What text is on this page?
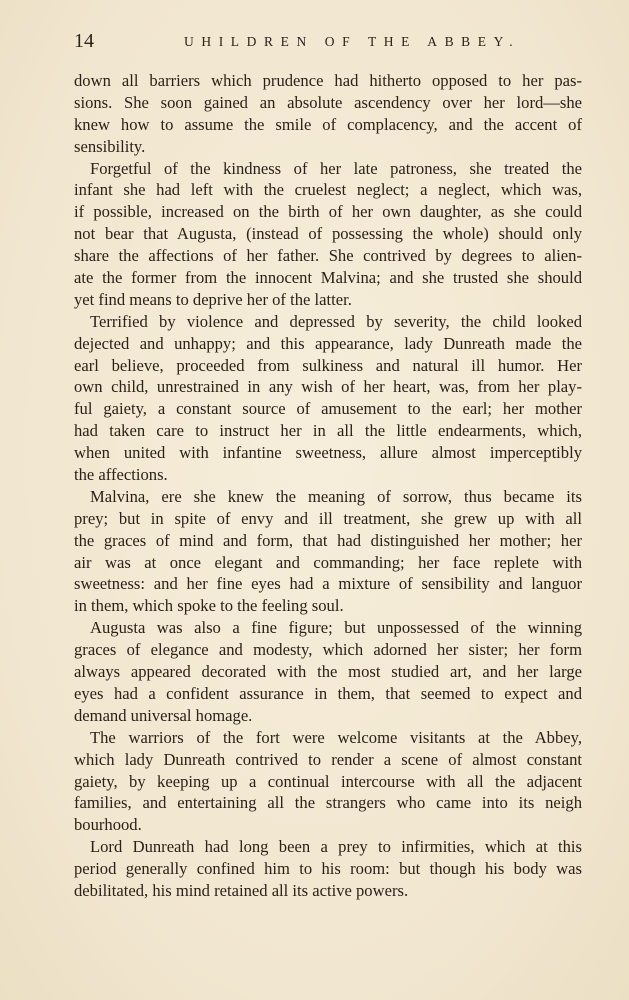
14	UHILDREN OF THE ABBEY.
down all barriers which prudence had hitherto opposed to her pas-
sions. She soon gained an absolute ascendency over her lord—she
knew how to assume the smile of complacency, and the accent of
sensibility.
Forgetful of the kindness of her late patroness, she treated the
infant she had left with the cruelest neglect; a neglect, which was,
if possible, increased on the birth of her own daughter, as she could
not bear that Augusta, (instead of possessing the whole) should only
share the affections of her father. She contrived by degrees to alien-
ate the former from the innocent Malvina; and she trusted she should
yet find means to deprive her of the latter.
Terrified by violence and depressed by severity, the child looked
dejected and unhappy; and this appearance, lady Dunreath made the
earl believe, proceeded from sulkiness and natural ill humor. Her
own child, unrestrained in any wish of her heart, was, from her play-
ful gaiety, a constant source of amusement to the earl; her mother
had taken care to instruct her in all the little endearments, which,
when united with infantine sweetness, allure almost imperceptibly
the affections.
Malvina, ere she knew the meaning of sorrow, thus became its
prey; but in spite of envy and ill treatment, she grew up with all
the graces of mind and form, that had distinguished her mother; her
air was at once elegant and commanding; her face replete with
sweetness: and her fine eyes had a mixture of sensibility and languor
in them, which spoke to the feeling soul.
Augusta was also a fine figure; but unpossessed of the winning
graces of elegance and modesty, which adorned her sister; her form
always appeared decorated with the most studied art, and her large
eyes had a confident assurance in them, that seemed to expect and
demand universal homage.
The warriors of the fort were welcome visitants at the Abbey,
which lady Dunreath contrived to render a scene of almost constant
gaiety, by keeping up a continual intercourse with all the adjacent
families, and entertaining all the strangers who came into its neigh
bourhood.
Lord Dunreath had long been a prey to infirmities, which at this
period generally confined him to his room: but though his body was
debilitated, his mind retained all its active powers.
